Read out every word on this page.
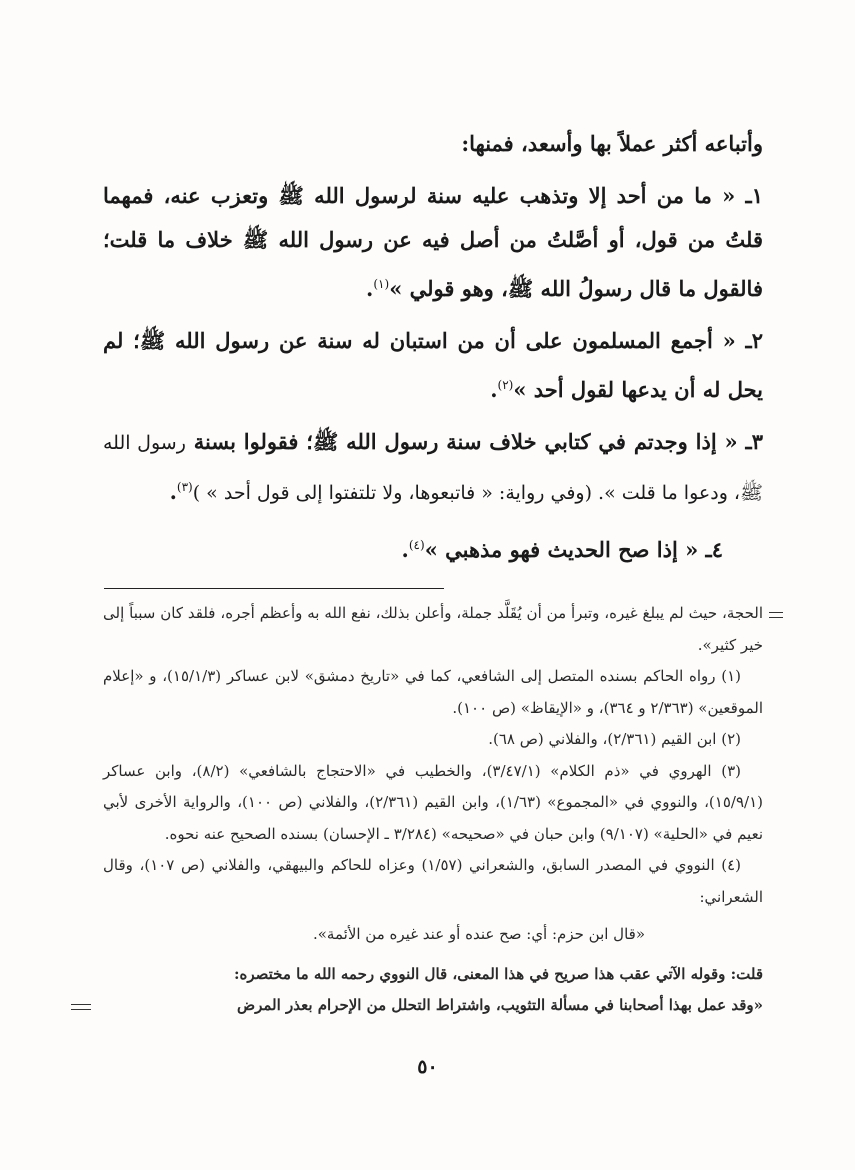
وأتباعه أكثر عملاً بها وأسعد، فمنها:

١ـ « ما من أحد إلا وتذهب عليه سنة لرسول الله ﷺ وتعزب عنه، فمهما قلتُ من قول، أو أصَّلتُ من أصل فيه عن رسول الله ﷺ خلاف ما قلت؛ فالقول ما قال رسولُ الله ﷺ، وهو قولي »$^{(١)}$.

٢ـ « أجمع المسلمون على أن من استبان له سنة عن رسول الله ﷺ؛ لم يحل له أن يدعها لقول أحد »$^{(٢)}$.

٣ـ « إذا وجدتم في كتابي خلاف سنة رسول الله ﷺ؛ فقولوا بسنة رسول الله ﷺ، ودعوا ما قلت ». (وفي رواية: « فاتبعوها، ولا تلتفتوا إلى قول أحد » )$^{(٣)}$.

٤ـ « إذا صح الحديث فهو مذهبي »$^{(٤)}$.

الحجة، حيث لم يبلغ غيره، وتبرأ من أن يُقَلَّد جملة، وأعلن بذلك، نفع الله به وأعظم أجره، فلقد كان سبباً إلى خير كثير».

(١) رواه الحاكم بسنده المتصل إلى الشافعي، كما في «تاريخ دمشق» لابن عساكر (١٥/١/٣)، و «إعلام الموقعين» (٢/٣٦٣ و ٣٦٤)، و «الإيقاظ» (ص ١٠٠).

(٢) ابن القيم (٢/٣٦١)، والفلاني (ص ٦٨).

(٣) الهروي في «ذم الكلام» (٣/٤٧/١)، والخطيب في «الاحتجاج بالشافعي» (٨/٢)، وابن عساكر (١٥/٩/١)، والنووي في «المجموع» (١/٦٣)، وابن القيم (٢/٣٦١)، والفلاني (ص ١٠٠)، والرواية الأخرى لأبي نعيم في «الحلية» (٩/١٠٧) وابن حبان في «صحيحه» (٣/٢٨٤ ـ الإحسان) بسنده الصحيح عنه نحوه.

(٤) النووي في المصدر السابق، والشعراني (١/٥٧) وعزاه للحاكم والبيهقي، والفلاني (ص ١٠٧)، وقال الشعراني:

«قال ابن حزم: أي: صح عنده أو عند غيره من الأئمة».

قلت: وقوله الآتي عقب هذا صريح في هذا المعنى، قال النووي رحمه الله ما مختصره:

«وقد عمل بهذا أصحابنا في مسألة التثويب، واشتراط التحلل من الإحرام بعذر المرض

٥٠
